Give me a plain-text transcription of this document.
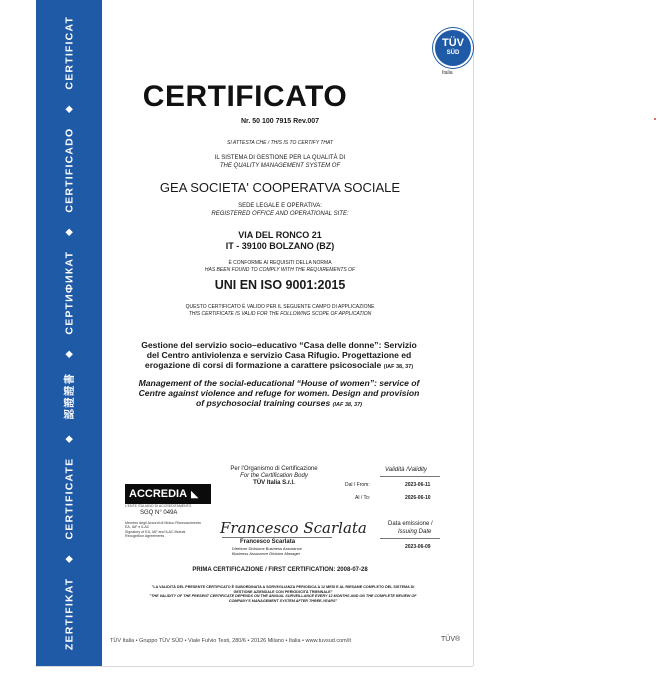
ZERTIFIKAT
◆
CERTIFICATE
◆
認證證書
◆
СЕРТИФИКАТ
◆
CERTIFICADO
◆
CERTIFICAT	TÜV
SÜD
Italia
CERTIFICATO
Nr. 50 100 7915 Rev.007
SI ATTESTA CHE / THIS IS TO CERTIFY THAT
IL SISTEMA DI GESTIONE PER LA QUALITÀ DI
THE QUALITY MANAGEMENT SYSTEM OF
GEA SOCIETA' COOPERATVA SOCIALE
SEDE LEGALE E OPERATIVA:
REGISTERED OFFICE AND OPERATIONAL SITE:
VIA DEL RONCO 21
IT - 39100 BOLZANO (BZ)
È CONFORME AI REQUISITI DELLA NORMA
HAS BEEN FOUND TO COMPLY WITH THE REQUIREMENTS OF
UNI EN ISO 9001:2015
QUESTO CERTIFICATO È VALIDO PER IL SEGUENTE CAMPO DI APPLICAZIONE
THIS CERTIFICATE IS VALID FOR THE FOLLOWING SCOPE OF APPLICATION
Gestione del servizio socio–educativo “Casa delle donne”: Servizio
del Centro antiviolenza e servizio Casa Rifugio. Progettazione ed
erogazione di corsi di formazione a carattere psicosociale (IAF 38, 37)
Management of the social-educational “House of women”: service of
Centre against violence and refuge for women. Design and provision
of psychosocial training courses (IAF 38, 37)
Per l'Organismo di Certificazione
For the Certification Body
TÜV Italia S.r.l.
Validità /Validity
Dal / From:	2023-06-11
Al / To:	2026-06-10
Data emissione /
Issuing Date
2023-06-09
ACCREDIA ◣
L'ENTE ITALIANO DI ACCREDITAMENTO
SGQ N° 049A
Membro degli Accordi di Mutuo Riconoscimento
EA, IAF e ILAC
Signatory of EA, IAF and ILAC Mutual
Recognition Agreements	Francesco Scarlata
Francesco Scarlata
Direttore Divisione Business Assurance
Business Assurance Division Manager
PRIMA CERTIFICAZIONE / FIRST CERTIFICATION: 2008-07-28
"LA VALIDITÀ DEL PRESENTE CERTIFICATO È SUBORDINATA A SORVEGLIANZA PERIODICA A 12 MESI E AL RIESAME COMPLETO DEL SISTEMA DI
GESTIONE AZIENDALE CON PERIODICITÀ TRIENNALE"
"THE VALIDITY OF THE PRESENT CERTIFICATE DEPENDS ON THE ANNUAL SURVEILLANCE EVERY 12 MONTHS AND ON THE COMPLETE REVIEW OF
COMPANY'S MANAGEMENT SYSTEM AFTER THREE-YEARS"
TÜV Italia • Gruppo TÜV SÜD • Viale Fulvio Testi, 280/6 • 20126 Milano • Italia • www.tuvsud.com/it	TÜV®
